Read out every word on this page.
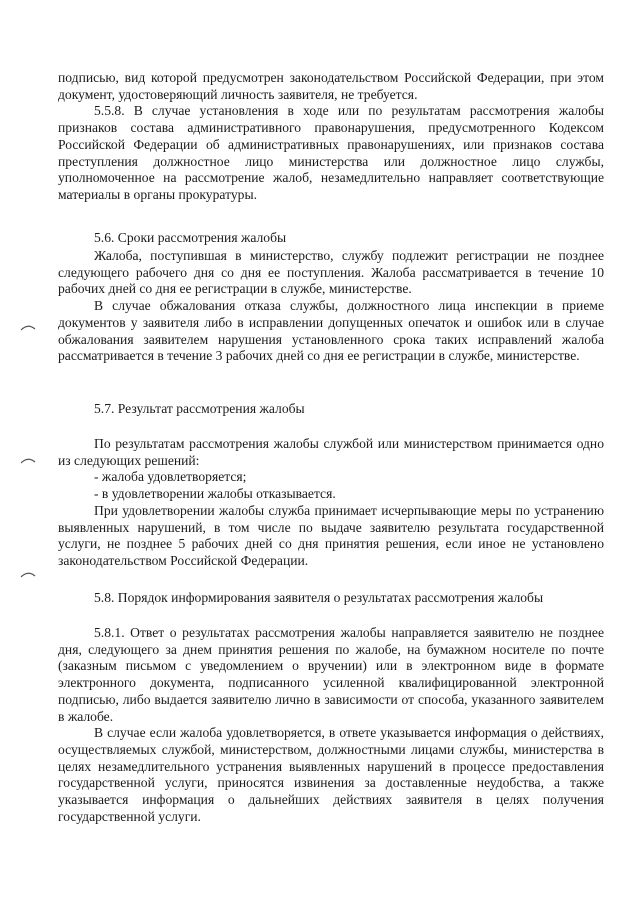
подписью, вид которой предусмотрен законодательством Российской Федерации, при этом документ, удостоверяющий личность заявителя, не требуется.

5.5.8. В случае установления в ходе или по результатам рассмотрения жалобы признаков состава административного правонарушения, предусмотренного Кодексом Российской Федерации об административных правонарушениях, или признаков состава преступления должностное лицо министерства или должностное лицо службы, уполномоченное на рассмотрение жалоб, незамедлительно направляет соответствующие материалы в органы прокуратуры.

5.6. Сроки рассмотрения жалобы

Жалоба, поступившая в министерство, службу подлежит регистрации не позднее следующего рабочего дня со дня ее поступления. Жалоба рассматривается в течение 10 рабочих дней со дня ее регистрации в службе, министерстве.

В случае обжалования отказа службы, должностного лица инспекции в приеме документов у заявителя либо в исправлении допущенных опечаток и ошибок или в случае обжалования заявителем нарушения установленного срока таких исправлений жалоба рассматривается в течение 3 рабочих дней со дня ее регистрации в службе, министерстве.

5.7. Результат рассмотрения жалобы

По результатам рассмотрения жалобы службой или министерством принимается одно из следующих решений:

- жалоба удовлетворяется;

- в удовлетворении жалобы отказывается.

При удовлетворении жалобы служба принимает исчерпывающие меры по устранению выявленных нарушений, в том числе по выдаче заявителю результата государственной услуги, не позднее 5 рабочих дней со дня принятия решения, если иное не установлено законодательством Российской Федерации.

5.8. Порядок информирования заявителя о результатах рассмотрения жалобы

5.8.1. Ответ о результатах рассмотрения жалобы направляется заявителю не позднее дня, следующего за днем принятия решения по жалобе, на бумажном носителе по почте (заказным письмом с уведомлением о вручении) или в электронном виде в формате электронного документа, подписанного усиленной квалифицированной электронной подписью, либо выдается заявителю лично в зависимости от способа, указанного заявителем в жалобе.

В случае если жалоба удовлетворяется, в ответе указывается информация о действиях, осуществляемых службой, министерством, должностными лицами службы, министерства в целях незамедлительного устранения выявленных нарушений в процессе предоставления государственной услуги, приносятся извинения за доставленные неудобства, а также указывается информация о дальнейших действиях заявителя в целях получения государственной услуги.
